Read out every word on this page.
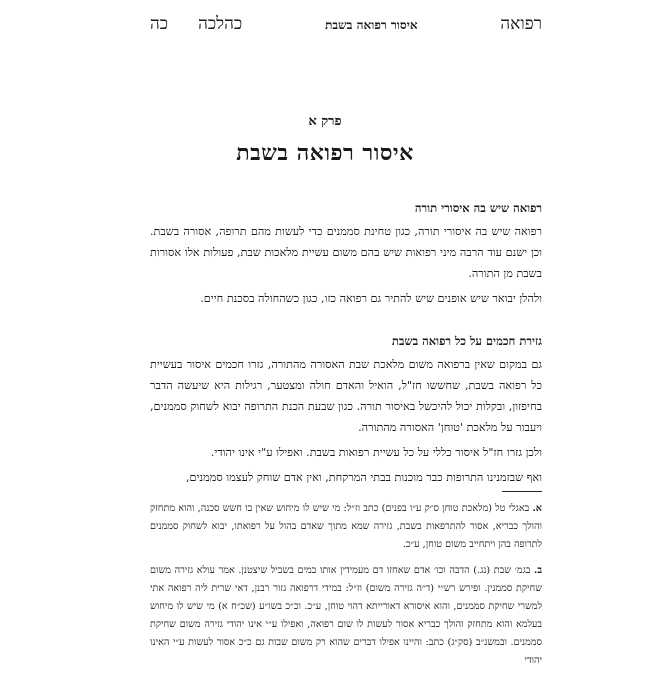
רפואה
איסור רפואה בשבת
כהלכה
כה
פרק א
איסור רפואה בשבת
רפואה שיש בה איסורי תורה

רפואה שיש בה איסורי תורה, כגון טחינת סממנים כדי לעשות מהם תרופה, אסורה בשבת. וכן ישנם עוד הרבה מיני רפואות שיש בהם משום עשיית מלאכות שבת, פעולות אלו אסורות בשבת מן התורה.

ולהלן יבואר שיש אופנים שיש להתיר גם רפואה כזו, כגון כשהחולה בסכנת חיים.

גזירת חכמים על כל רפואה בשבת

גם במקום שאין ברפואה משום מלאכת שבת האסורה מהתורה, גזרו חכמים איסור בעשיית כל רפואה בשבת, שחששו חז"ל, הואיל והאדם חולה ומצטער, רגילות היא שיעשה הדבר בחיפזון, ובקלות יכול להיכשל באיסור תורה. כגון שבעת הכנת התרופה יבוא לשחוק סממנים, ויעבור על מלאכת 'טוחן' האסורה מהתורה.

ולכן גזרו חז"ל איסור כללי על כל עשיית רפואות בשבת. ואפילו ע"י אינו יהודי.

ואף שבזמנינו התרופות כבר מוכנות בבתי המרקחת, ואין אדם שוחק לעצמו סממנים,

א. באגלי טל (מלאכת טוחן ס״ק ע״ו בפנים) כתב וז״ל: מי שיש לו מיחוש שאין בו חשש סכנה, והוא מתחזק והולך כבריא, אסור להתרפאות בשבת, גזירה שמא מתוך שאדם בהול על רפואתו, יבוא לשחוק סממנים לתרופה בהן ויתחייב משום טוחן, ע״כ.

ב. בגמ׳ שבת (נג.) הדבה וכו׳ אדם שאחזו דם מעמידין אותו במים בשביל שיצטנן. אמר עולא גזירה משום שחיקת סממנין. ופירש רש״י (ד״ה גזירה משום) וז״ל: במידי דרפואה גזור רבנן, דאי שרית ליה רפואה אתי למשרי שחיקת סממנים, והוא איסורא דאורייתא דהוי טוחן, ע״כ. וכ״כ בשו״ע (שכ״ח א) מי שיש לו מיחוש בעלמא והוא מתחזק והולך כבריא אסור לעשות לו שום רפואה, ואפילו ע״י אינו יהודי גזירה משום שחיקת סממנים. ובמשנ״ב (סק״ג) כתב: והיינו אפילו דברים שהוא רק משום שבות גם כ״כ אסור לעשות ע״י האינו יהודי
